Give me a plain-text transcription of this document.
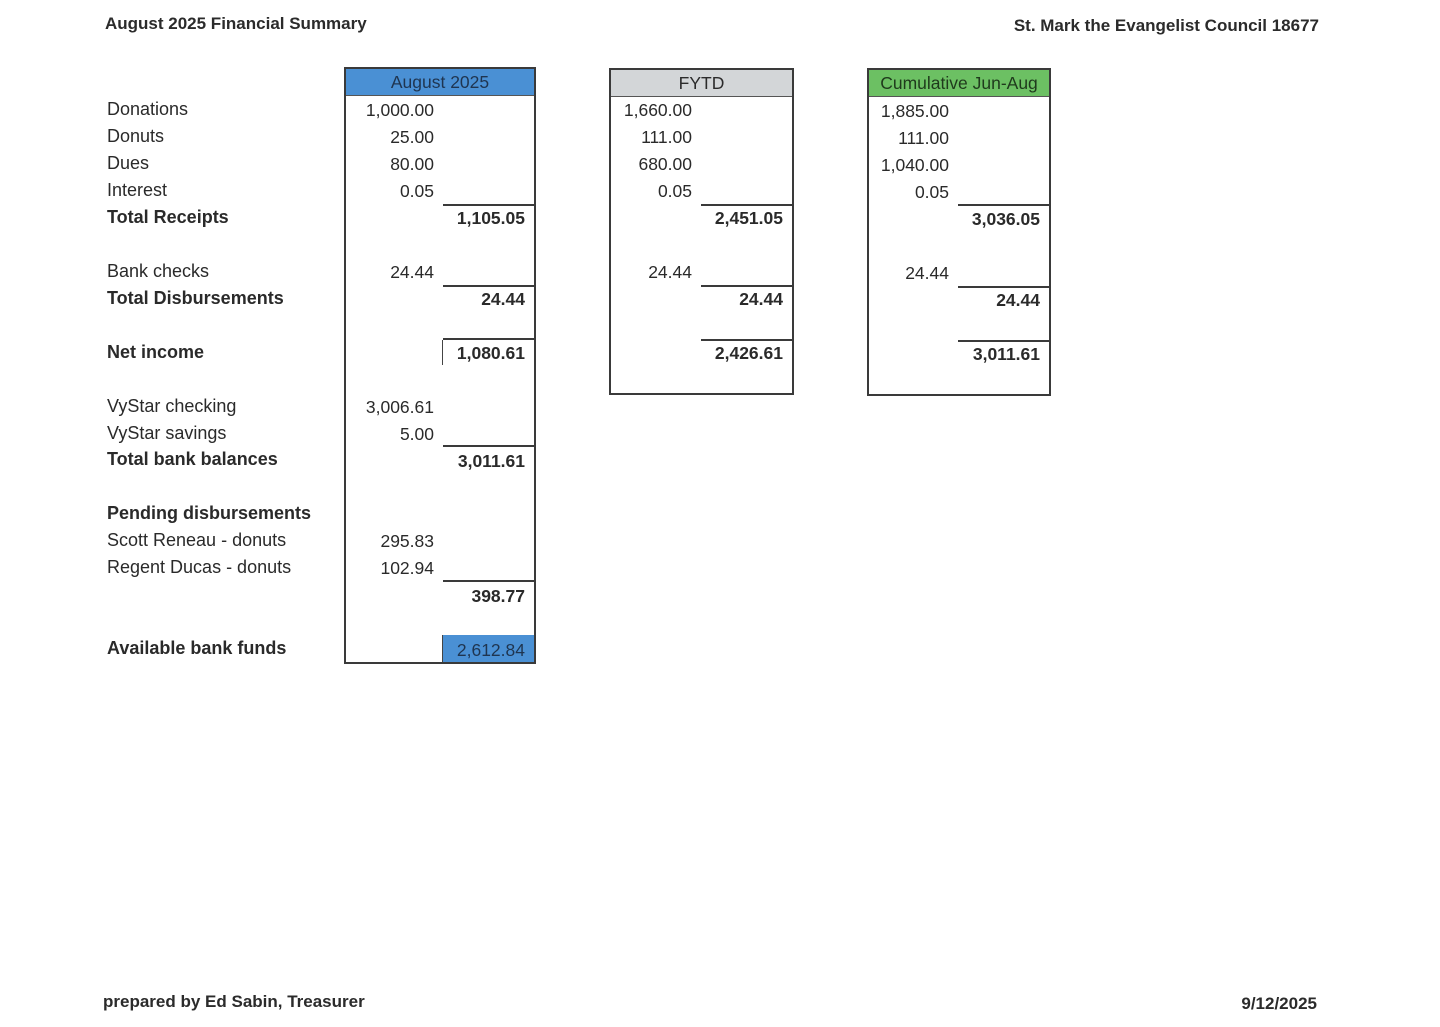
August 2025 Financial Summary	St. Mark the Evangelist Council 18677
Donations
Donuts
Dues
Interest
Total Receipts
Bank checks
Total Disbursements
Net income
VyStar checking
VyStar savings
Total bank balances
Pending disbursements
Scott Reneau - donuts
Regent Ducas - donuts
Available bank funds
August 2025
1,000.00
25.00
80.00
0.05
1,105.05
24.44
24.44
1,080.61
3,006.61
5.00
3,011.61
295.83
102.94
398.77
2,612.84
FYTD
1,660.00
111.00
680.00
0.05
2,451.05
24.44
24.44
2,426.61
Cumulative Jun-Aug
1,885.00
111.00
1,040.00
0.05
3,036.05
24.44
24.44
3,011.61
prepared by Ed Sabin, Treasurer	9/12/2025
